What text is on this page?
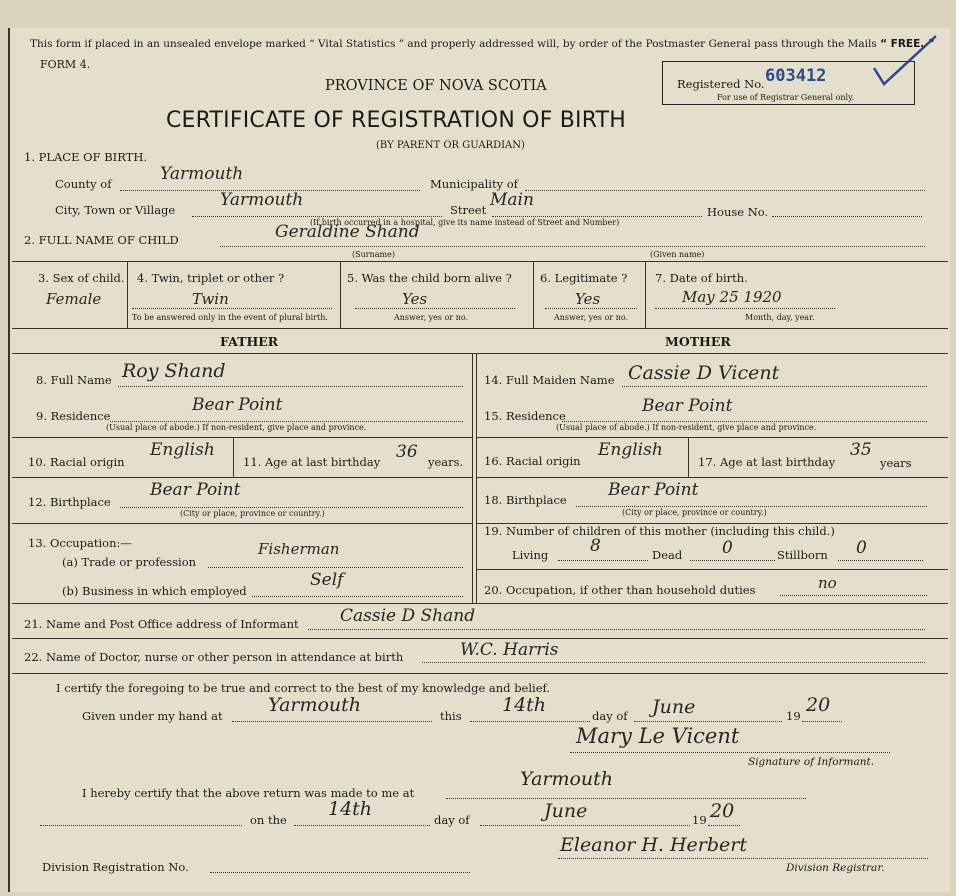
This form if placed in an unsealed envelope marked “ Vital Statistics ” and properly addressed will, by order of the Postmaster General pass through the Mails “ FREE. ”
FORM 4.
PROVINCE OF NOVA SCOTIA
CERTIFICATE OF REGISTRATION OF BIRTH
(BY PARENT OR GUARDIAN)
Registered No. 603412
For use of Registrar General only.
1. PLACE OF BIRTH.
County of	Yarmouth	Municipality of
City, Town or Village	Yarmouth	Street Main
House No.
(If birth occurred in a hospital, give its name instead of Street and Number)
2. FULL NAME OF CHILD	Geraldine Shand
(Surname)	(Given name)
3. Sex of child.
Female
4. Twin, triplet or other ?
Twin
To be answered only in the event of plural birth.
5. Was the child born alive ?
Yes
Answer, yes or no.
6. Legitimate ?
Yes
Answer, yes or no.
7. Date of birth.
May 25 1920
Month, day, year.
FATHER	MOTHER
8. Full Name Roy Shand
9. Residence
Bear Point
(Usual place of abode.) If non-resident, give place and province.
10. Racial origin
English
11. Age at last birthday 36 years.
12. Birthplace
Bear Point
(City or place, province or country.)
13. Occupation:—
(a) Trade or profession
Fisherman
(b) Business in which employed
Self
14. Full Maiden Name Cassie D Vicent
15. Residence	Bear Point
(Usual place of abode.) If non-resident, give place and province.
16. Racial origin
English
17. Age at last birthday
35
years
18. Birthplace Bear Point
(City or place, province or country.)
19. Number of children of this mother (including this child.)
Living 8	Dead 0	Stillborn 0
20. Occupation, if other than household duties	no
21. Name and Post Office address of Informant Cassie D Shand
22. Name of Doctor, nurse or other person in attendance at birth	W.C. Harris
I certify the foregoing to be true and correct to the best of my knowledge and belief.
Given under my hand at Yarmouth	this 14th	day of June	19 20
Mary Le Vicent
Signature of Informant.
I hereby certify that the above return was made to me at
Yarmouth
on the 14th	day of	June	19 20
Eleanor H. Herbert
Division Registration No.	Division Registrar.
